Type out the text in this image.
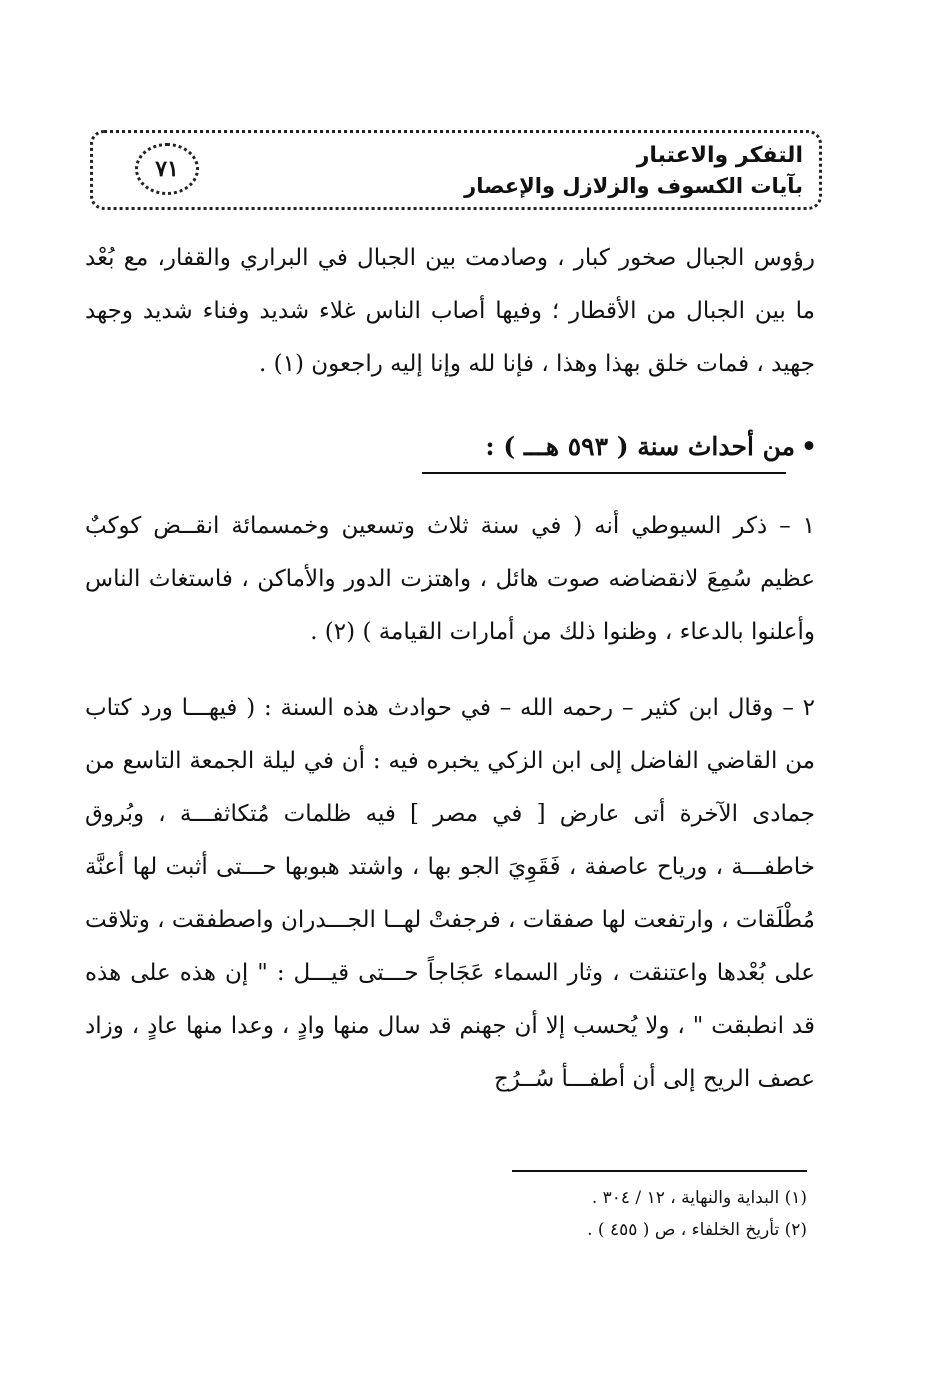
٧١
التفكر والاعتبار
بآيات الكسوف والزلازل والإعصار

رؤوس الجبال صخور كبار ، وصادمت بين الجبال في البراري والقفار، مع بُعْد ما بين الجبال من الأقطار ؛ وفيها أصاب الناس غلاء شديد وفناء شديد وجهد جهيد ، فمات خلق بهذا وهذا ، فإنا لله وإنا إليه راجعون (١) .

•من أحداث سنة ( ٥٩٣ هـــ ) :

١ – ذكر السيوطي أنه ( في سنة ثلاث وتسعين وخمسمائة انقــض كوكبٌ عظيم سُمِعَ لانقضاضه صوت هائل ، واهتزت الدور والأماكن ، فاستغاث الناس وأعلنوا بالدعاء ، وظنوا ذلك من أمارات القيامة ) (٢) .

٢ – وقال ابن كثير – رحمه الله – في حوادث هذه السنة : ( فيهـــا ورد كتاب من القاضي الفاضل إلى ابن الزكي يخبره فيه : أن في ليلة الجمعة التاسع من جمادى الآخرة أتى عارض [ في مصر ] فيه ظلمات مُتكاثفـــة ، وبُروق خاطفـــة ، ورياح عاصفة ، فَقَوِيَ الجو بها ، واشتد هبوبها حـــتى أثبت لها أعنَّة مُطْلَقات ، وارتفعت لها صفقات ، فرجفتْ لهــا الجـــدران واصطفقت ، وتلاقت على بُعْدها واعتنقت ، وثار السماء عَجَاجاً حـــتى قيـــل : " إن هذه على هذه قد انطبقت " ، ولا يُحسب إلا أن جهنم قد سال منها وادٍ ، وعدا منها عادٍ ، وزاد عصف الريح إلى أن أطفـــأ سُــرُج

(١) البداية والنهاية ، ١٢ / ٣٠٤ .
(٢) تأريخ الخلفاء ، ص ( ٤٥٥ ) .
